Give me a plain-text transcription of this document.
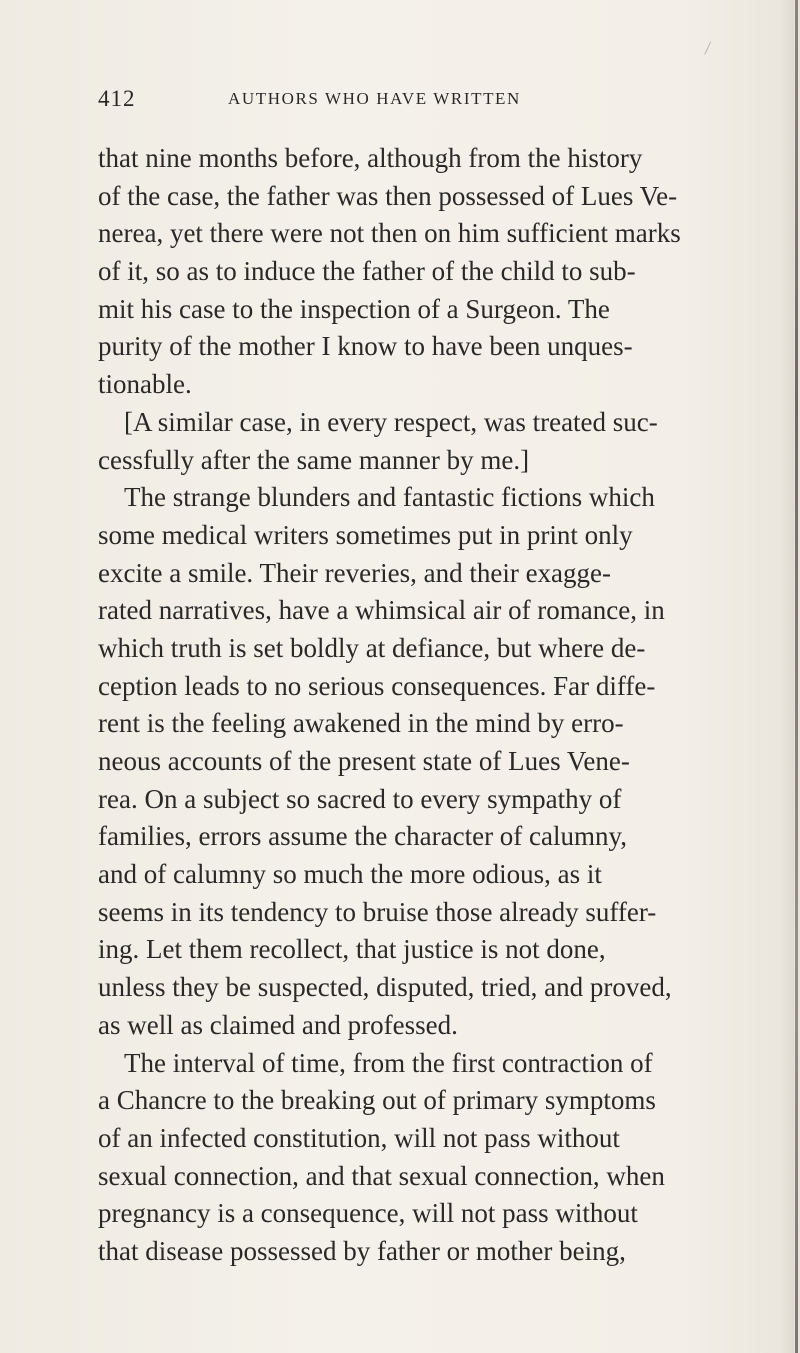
412	AUTHORS WHO HAVE WRITTEN
that nine months before, although from the history
of the case, the father was then possessed of Lues Ve-
nerea, yet there were not then on him sufficient marks
of it, so as to induce the father of the child to sub-
mit his case to the inspection of a Surgeon. The
purity of the mother I know to have been unques-
tionable.
[A similar case, in every respect, was treated suc-
cessfully after the same manner by me.]
The strange blunders and fantastic fictions which
some medical writers sometimes put in print only
excite a smile. Their reveries, and their exagge-
rated narratives, have a whimsical air of romance, in
which truth is set boldly at defiance, but where de-
ception leads to no serious consequences. Far diffe-
rent is the feeling awakened in the mind by erro-
neous accounts of the present state of Lues Vene-
rea. On a subject so sacred to every sympathy of
families, errors assume the character of calumny,
and of calumny so much the more odious, as it
seems in its tendency to bruise those already suffer-
ing. Let them recollect, that justice is not done,
unless they be suspected, disputed, tried, and proved,
as well as claimed and professed.
The interval of time, from the first contraction of
a Chancre to the breaking out of primary symptoms
of an infected constitution, will not pass without
sexual connection, and that sexual connection, when
pregnancy is a consequence, will not pass without
that disease possessed by father or mother being,
